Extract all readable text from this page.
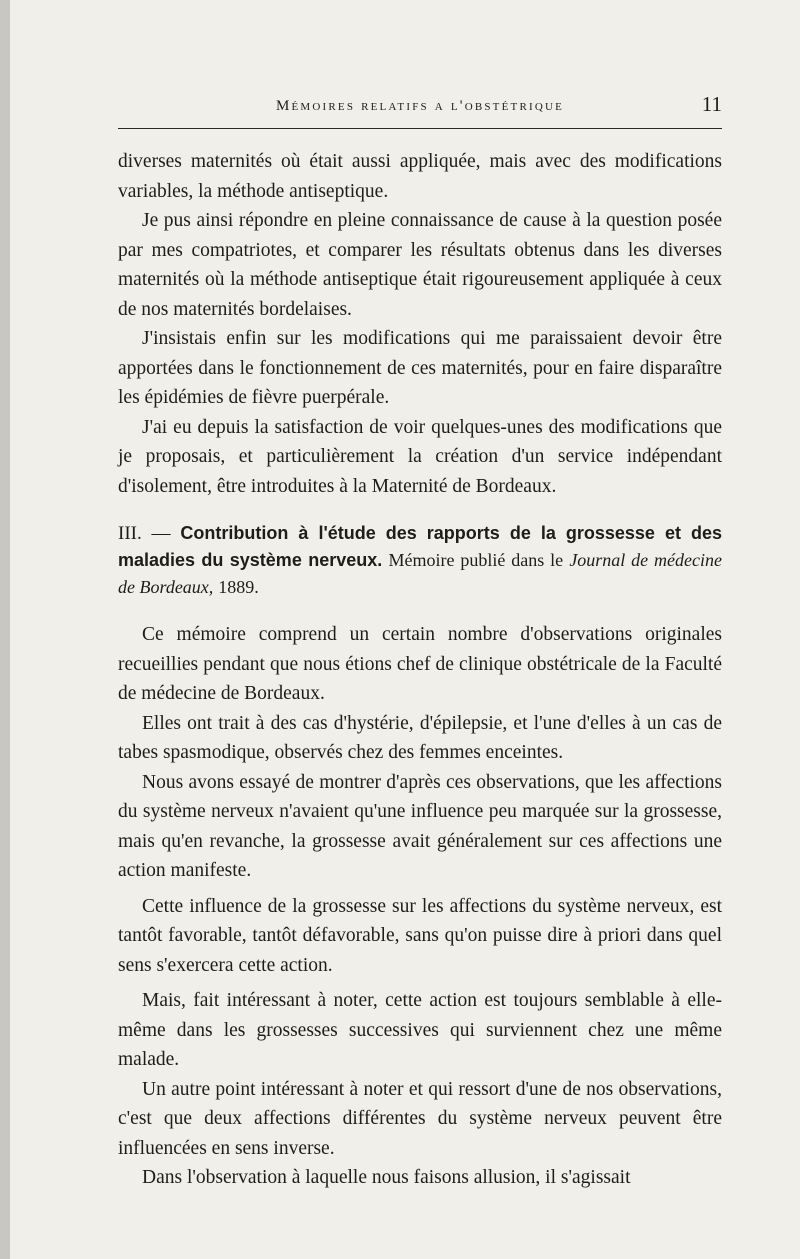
Mémoires relatifs a l'obstétrique	11

diverses maternités où était aussi appliquée, mais avec des modifications variables, la méthode antiseptique.

Je pus ainsi répondre en pleine connaissance de cause à la question posée par mes compatriotes, et comparer les résultats obtenus dans les diverses maternités où la méthode antiseptique était rigoureusement appliquée à ceux de nos maternités bordelaises.

J'insistais enfin sur les modifications qui me paraissaient devoir être apportées dans le fonctionnement de ces maternités, pour en faire disparaître les épidémies de fièvre puerpérale.

J'ai eu depuis la satisfaction de voir quelques-unes des modifications que je proposais, et particulièrement la création d'un service indépendant d'isolement, être introduites à la Maternité de Bordeaux.

III. — Contribution à l'étude des rapports de la grossesse et des maladies du système nerveux. Mémoire publié dans le Journal de médecine de Bordeaux, 1889.

Ce mémoire comprend un certain nombre d'observations originales recueillies pendant que nous étions chef de clinique obstétricale de la Faculté de médecine de Bordeaux.

Elles ont trait à des cas d'hystérie, d'épilepsie, et l'une d'elles à un cas de tabes spasmodique, observés chez des femmes enceintes.

Nous avons essayé de montrer d'après ces observations, que les affections du système nerveux n'avaient qu'une influence peu marquée sur la grossesse, mais qu'en revanche, la grossesse avait généralement sur ces affections une action manifeste.

Cette influence de la grossesse sur les affections du système nerveux, est tantôt favorable, tantôt défavorable, sans qu'on puisse dire à priori dans quel sens s'exercera cette action.

Mais, fait intéressant à noter, cette action est toujours semblable à elle-même dans les grossesses successives qui surviennent chez une même malade.

Un autre point intéressant à noter et qui ressort d'une de nos observations, c'est que deux affections différentes du système nerveux peuvent être influencées en sens inverse.

Dans l'observation à laquelle nous faisons allusion, il s'agissait
